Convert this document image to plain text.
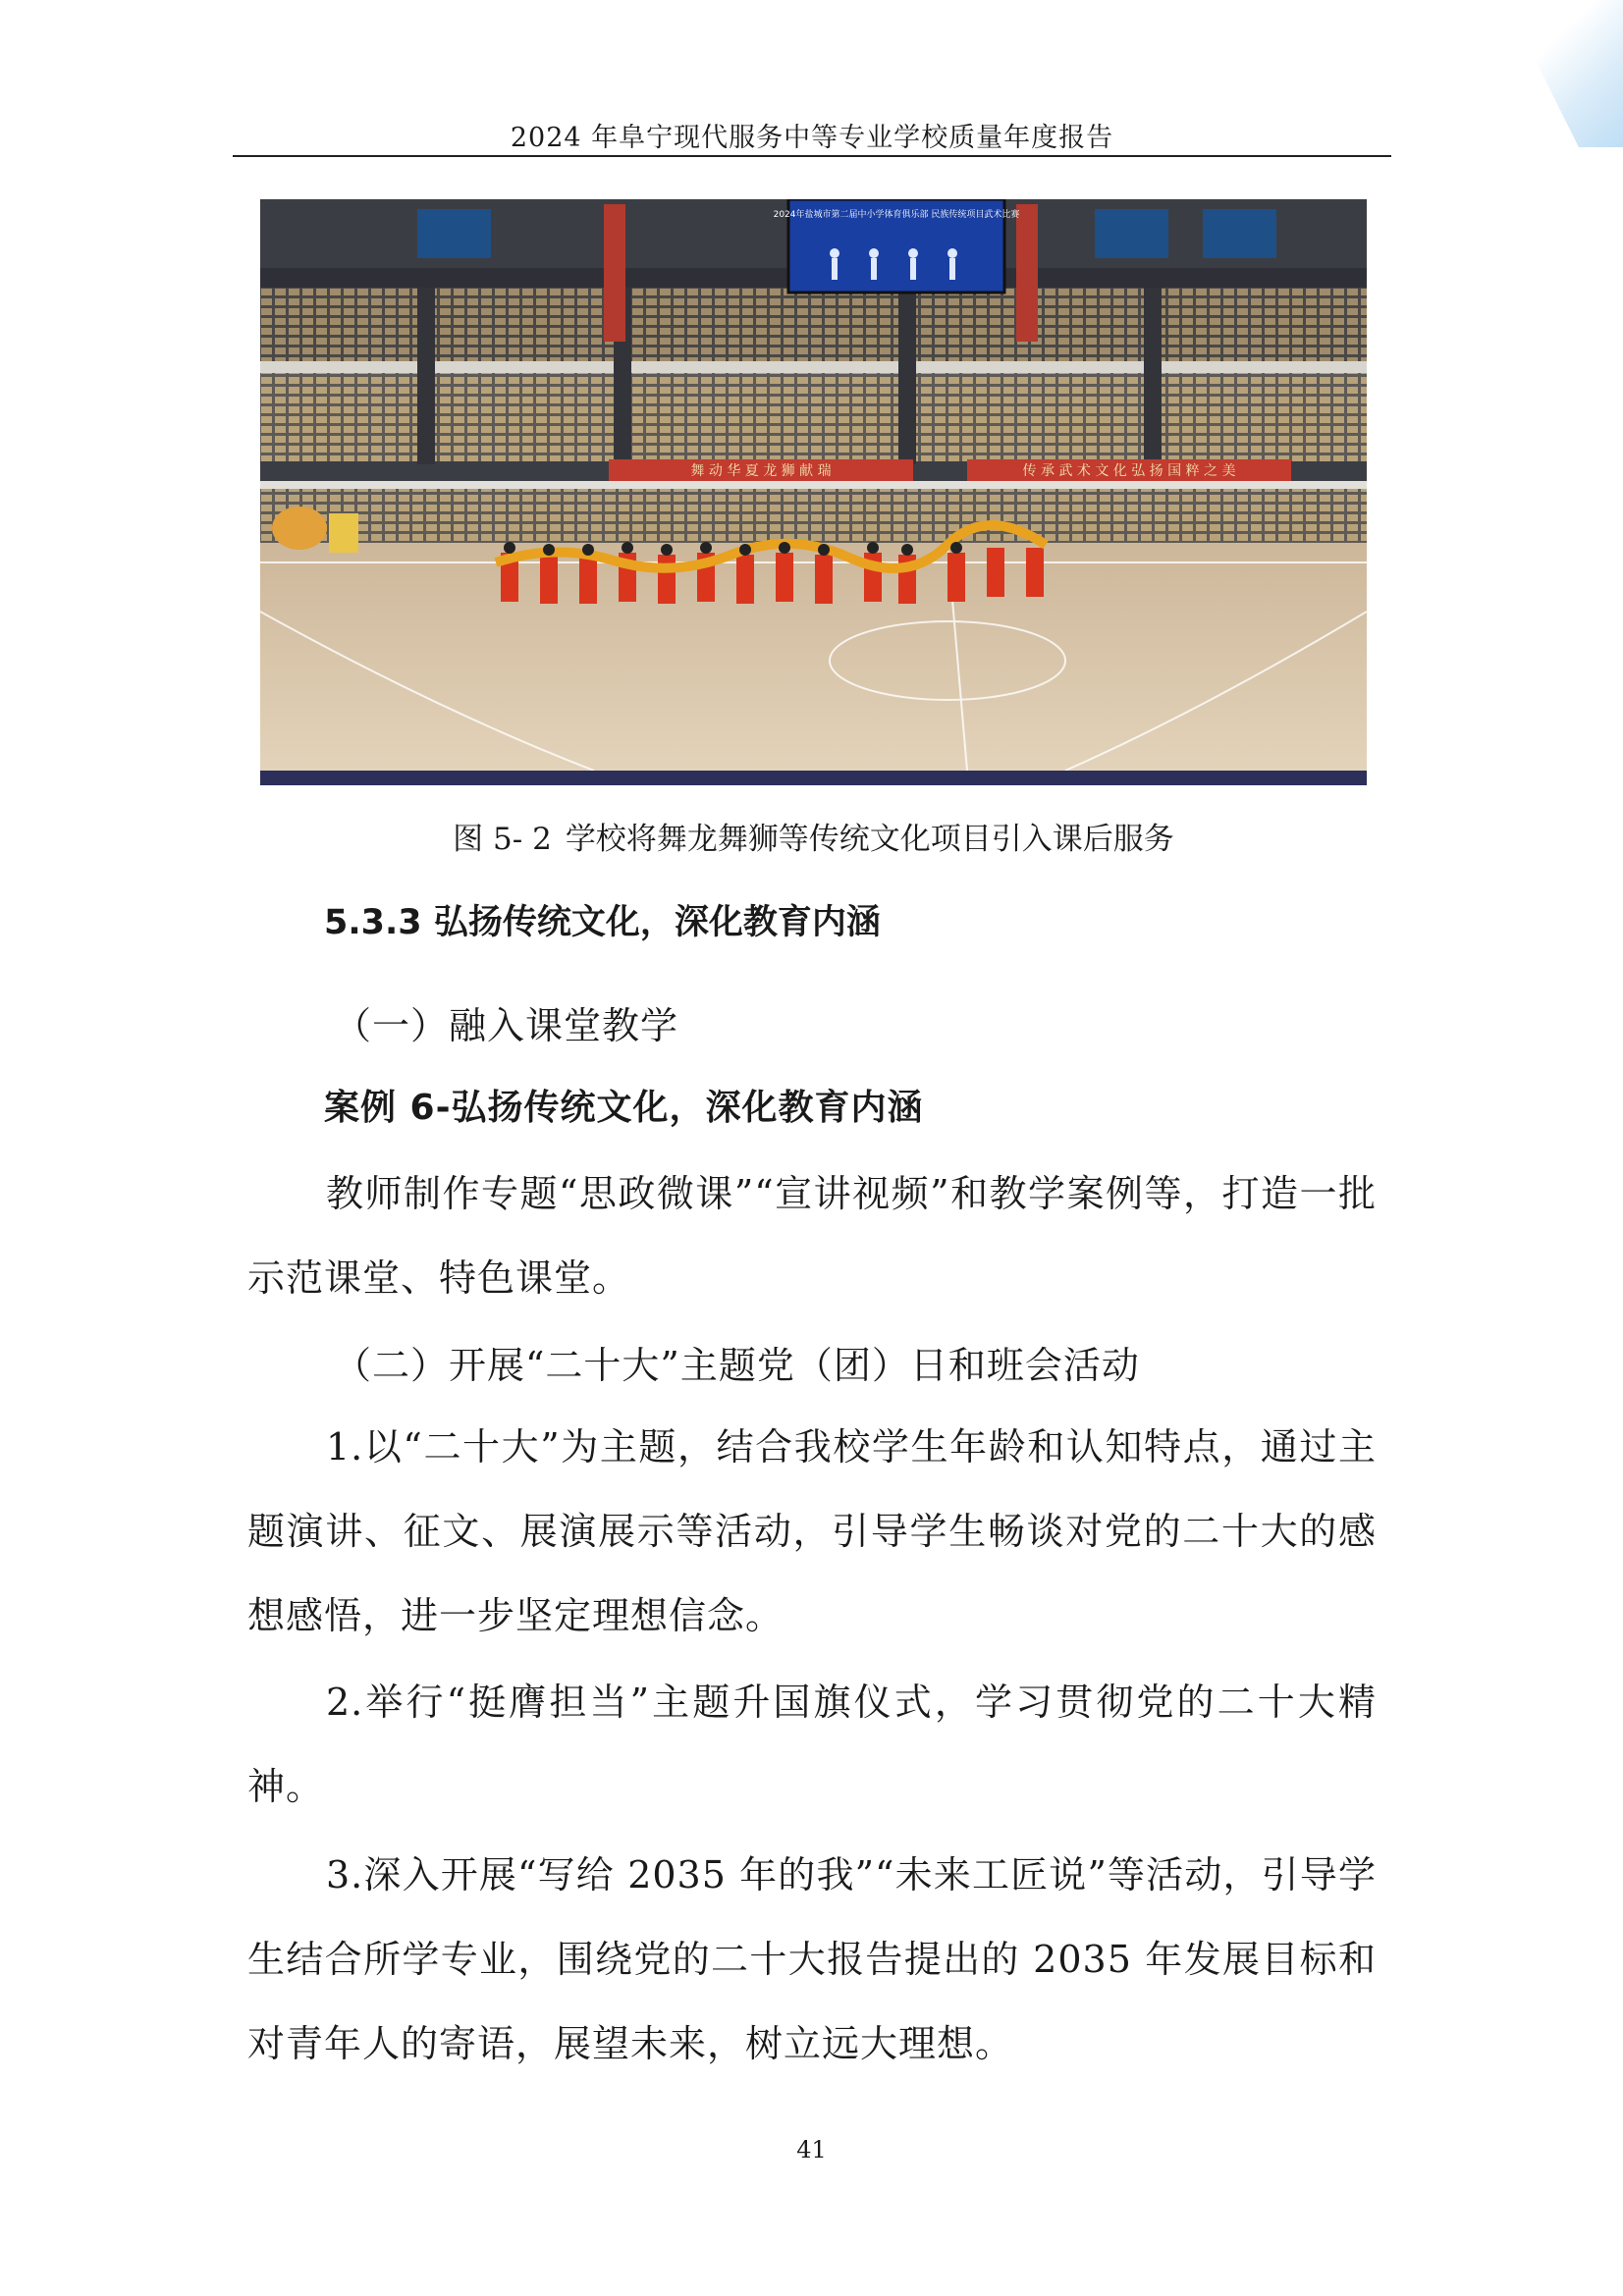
2024 年阜宁现代服务中等专业学校质量年度报告
舞 动 华 夏 龙 狮 献 瑞	传 承 武 术 文 化 弘 扬 国 粹 之 美
2024年盐城市第二届中小学体育俱乐部 民族传统项目武术比赛
图 5- 2 学校将舞龙舞狮等传统文化项目引入课后服务
5.3.3 弘扬传统文化，深化教育内涵
（一）融入课堂教学
案例 6-弘扬传统文化，深化教育内涵
教师制作专题“思政微课”“宣讲视频”和教学案例等，打造一批示范课堂、特色课堂。
（二）开展“二十大”主题党（团）日和班会活动
1.以“二十大”为主题，结合我校学生年龄和认知特点，通过主题演讲、征文、展演展示等活动，引导学生畅谈对党的二十大的感想感悟，进一步坚定理想信念。
2.举行“挺膺担当”主题升国旗仪式，学习贯彻党的二十大精神。
3.深入开展“写给 2035 年的我”“未来工匠说”等活动，引导学生结合所学专业，围绕党的二十大报告提出的 2035 年发展目标和对青年人的寄语，展望未来，树立远大理想。
41
